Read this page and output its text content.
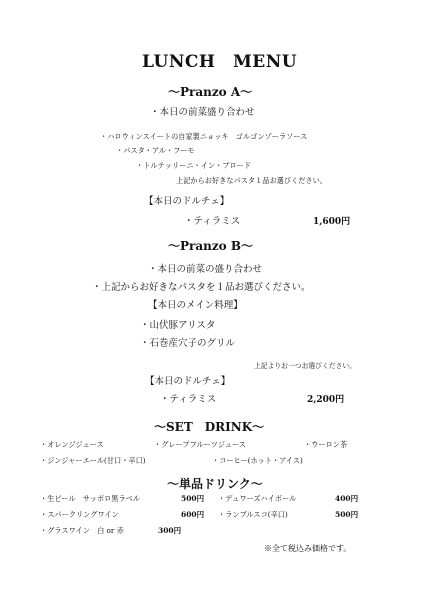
LUNCH　MENU
～Pranzo A～
・本日の前菜盛り合わせ
・ハロウィンスイートの自家製ニョッキ　ゴルゴンゾーラソース
・パスタ・アル・フーモ
・トルテッリーニ・イン・ブロード
上記からお好きなパスタ１品お選びください。
【本日のドルチェ】
・ティラミス	1,600円
～Pranzo B～
・本日の前菜の盛り合わせ
・上記からお好きなパスタを１品お選びください。
【本日のメイン料理】
・山伏豚アリスタ
・石巻産穴子のグリル
上記よりお一つお選びください。
【本日のドルチェ】
・ティラミス	2,200円
～SET　DRINK～
・オレンジジュース	・グレープフルーツジュース	・ウーロン茶
・ジンジャーエール(甘口・辛口)	・コーヒー(ホット・アイス)
～単品ドリンク～
・生ビール　サッポロ黒ラベル	500円 ・デュワーズハイボール	400円
・スパークリングワイン	600円 ・ランブルスコ(辛口)	500円
・グラスワイン　白 or 赤	300円
※全て税込み価格です。
